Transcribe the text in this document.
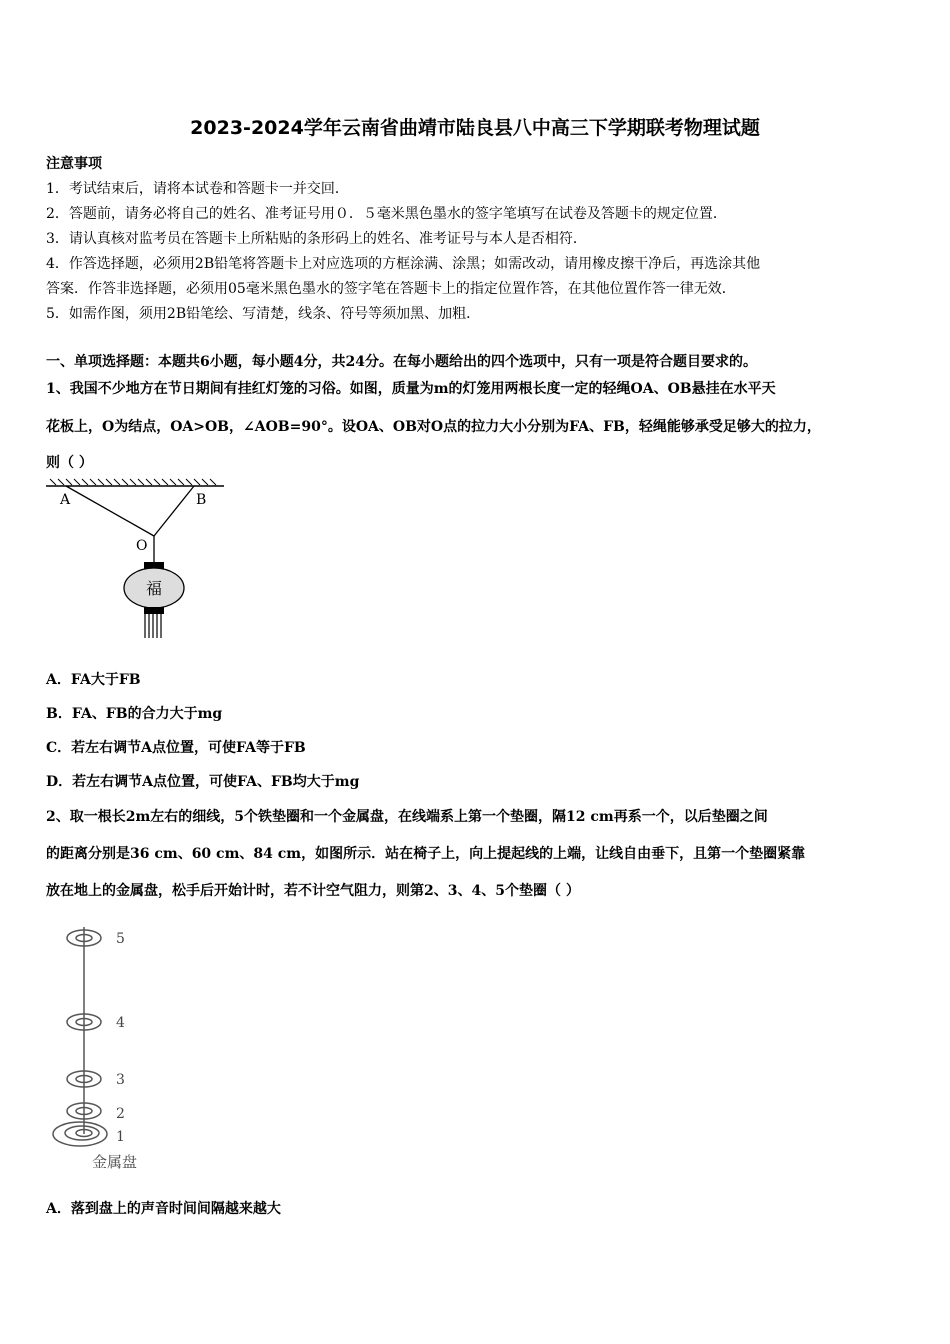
2023-2024学年云南省曲靖市陆良县八中高三下学期联考物理试题
注意事项
1．考试结束后，请将本试卷和答题卡一并交回．
2．答题前，请务必将自己的姓名、准考证号用０．５毫米黑色墨水的签字笔填写在试卷及答题卡的规定位置．
3．请认真核对监考员在答题卡上所粘贴的条形码上的姓名、准考证号与本人是否相符．
4．作答选择题，必须用2B铅笔将答题卡上对应选项的方框涂满、涂黑；如需改动，请用橡皮擦干净后，再选涂其他
答案．作答非选择题，必须用05毫米黑色墨水的签字笔在答题卡上的指定位置作答，在其他位置作答一律无效．
5．如需作图，须用2B铅笔绘、写清楚，线条、符号等须加黑、加粗．
一、单项选择题：本题共6小题，每小题4分，共24分。在每小题给出的四个选项中，只有一项是符合题目要求的。
1、我国不少地方在节日期间有挂红灯笼的习俗。如图，质量为m的灯笼用两根长度一定的轻绳OA、OB悬挂在水平天
花板上，O为结点，OA>OB，∠AOB=90°。设OA、OB对O点的拉力大小分别为FA、FB，轻绳能够承受足够大的拉力，
则（ ）
A	B
O
福
A．FA大于FB
B．FA、FB的合力大于mg
C．若左右调节A点位置，可使FA等于FB
D．若左右调节A点位置，可使FA、FB均大于mg
2、取一根长2m左右的细线，5个铁垫圈和一个金属盘，在线端系上第一个垫圈，隔12 cm再系一个，以后垫圈之间
的距离分别是36 cm、60 cm、84 cm，如图所示．站在椅子上，向上提起线的上端，让线自由垂下，且第一个垫圈紧靠
放在地上的金属盘，松手后开始计时，若不计空气阻力，则第2、3、4、5个垫圈（ ）
5
4
3
2
1
金属盘
A．落到盘上的声音时间间隔越来越大
